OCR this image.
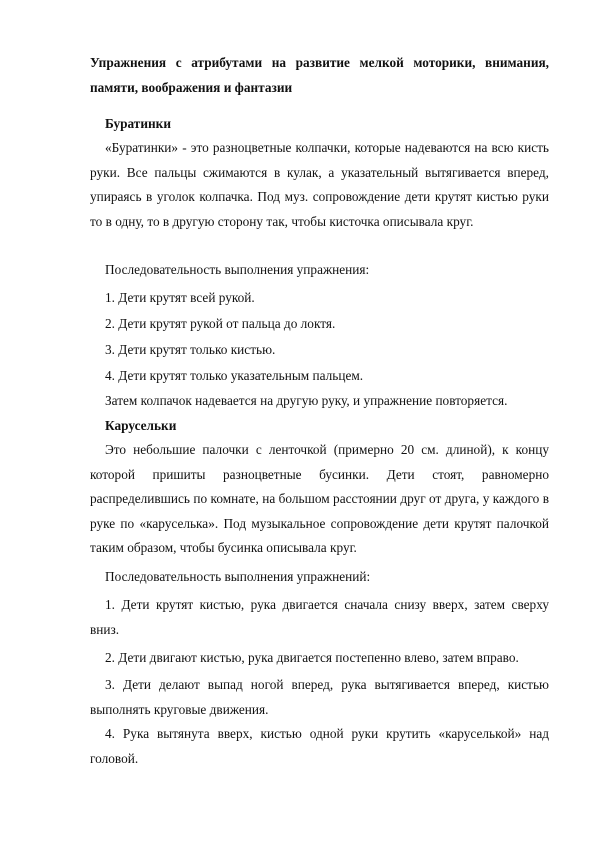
Упражнения с атрибутами на развитие мелкой моторики, внимания, памяти, воображения и фантазии

Буратинки

«Буратинки» - это разноцветные колпачки, которые надеваются на всю кисть руки. Все пальцы сжимаются в кулак, а указательный вытягивается вперед, упираясь в уголок колпачка. Под муз. сопровождение дети крутят кистью руки то в одну, то в другую сторону так, чтобы кисточка описывала круг.

Последовательность выполнения упражнения:

1. Дети крутят всей рукой.

2. Дети крутят рукой от пальца до локтя.

3. Дети крутят только кистью.

4. Дети крутят только указательным пальцем.

Затем колпачок надевается на другую руку, и упражнение повторяется.

Карусельки

Это небольшие палочки с ленточкой (примерно 20 см. длиной), к концу которой пришиты разноцветные бусинки. Дети стоят, равномерно распределившись по комнате, на большом расстоянии друг от друга, у каждого в руке по «каруселька». Под музыкальное сопровождение дети крутят палочкой таким образом, чтобы бусинка описывала круг.

Последовательность выполнения упражнений:

1. Дети крутят кистью, рука двигается сначала снизу вверх, затем сверху вниз.

2. Дети двигают кистью, рука двигается постепенно влево, затем вправо.

3. Дети делают выпад ногой вперед, рука вытягивается вперед, кистью выполнять круговые движения.

4. Рука вытянута вверх, кистью одной руки крутить «каруселькой» над головой.
